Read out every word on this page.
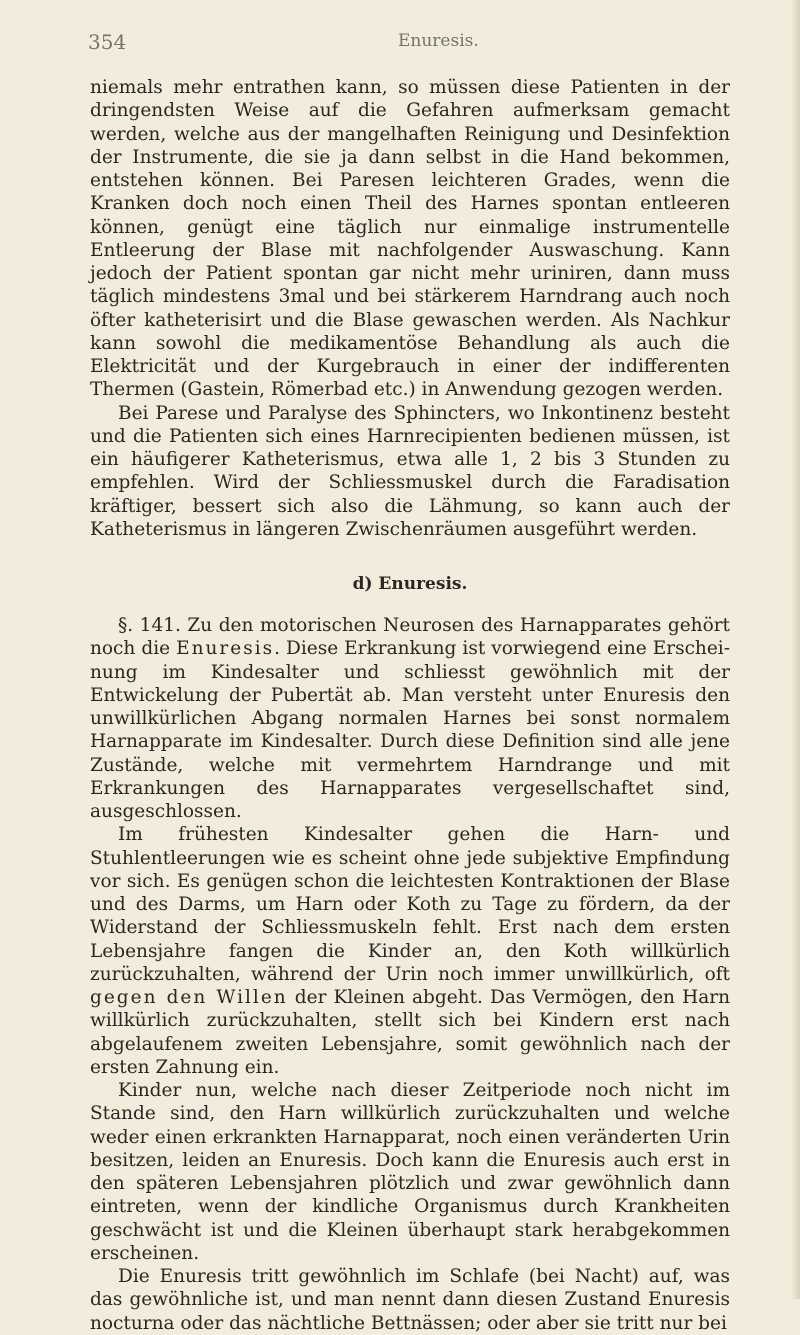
354	Enuresis.

niemals mehr entrathen kann, so müssen diese Patienten in der dringendsten Weise auf die Gefahren aufmerksam gemacht werden, welche aus der mangelhaften Reinigung und Desinfektion der Instrumente, die sie ja dann selbst in die Hand bekommen, entstehen können. Bei Paresen leichteren Grades, wenn die Kranken doch noch einen Theil des Harnes spontan entleeren können, genügt eine täglich nur einmalige instrumentelle Entleerung der Blase mit nachfolgender Auswaschung. Kann jedoch der Patient spontan gar nicht mehr uriniren, dann muss täglich mindestens 3mal und bei stärkerem Harndrang auch noch öfter katheterisirt und die Blase gewaschen werden. Als Nachkur kann sowohl die medikamentöse Behandlung als auch die Elektricität und der Kurgebrauch in einer der indifferenten Thermen (Gastein, Römerbad etc.) in Anwendung gezogen werden.

Bei Parese und Paralyse des Sphincters, wo Inkontinenz besteht und die Patienten sich eines Harnrecipienten bedienen müssen, ist ein häufigerer Katheterismus, etwa alle 1, 2 bis 3 Stunden zu empfehlen. Wird der Schliessmuskel durch die Faradisation kräftiger, bessert sich also die Lähmung, so kann auch der Katheterismus in längeren Zwischenräumen ausgeführt werden.

d) Enuresis.

§. 141. Zu den motorischen Neurosen des Harnapparates gehört noch die Enuresis. Diese Erkrankung ist vorwiegend eine Erscheinung im Kindesalter und schliesst gewöhnlich mit der Entwickelung der Pubertät ab. Man versteht unter Enuresis den unwillkürlichen Abgang normalen Harnes bei sonst normalem Harnapparate im Kindesalter. Durch diese Definition sind alle jene Zustände, welche mit vermehrtem Harndrange und mit Erkrankungen des Harnapparates vergesellschaftet sind, ausgeschlossen.

Im frühesten Kindesalter gehen die Harn- und Stuhlentleerungen wie es scheint ohne jede subjektive Empfindung vor sich. Es genügen schon die leichtesten Kontraktionen der Blase und des Darms, um Harn oder Koth zu Tage zu fördern, da der Widerstand der Schliessmuskeln fehlt. Erst nach dem ersten Lebensjahre fangen die Kinder an, den Koth willkürlich zurückzuhalten, während der Urin noch immer unwillkürlich, oft gegen den Willen der Kleinen abgeht. Das Vermögen, den Harn willkürlich zurückzuhalten, stellt sich bei Kindern erst nach abgelaufenem zweiten Lebensjahre, somit gewöhnlich nach der ersten Zahnung ein.

Kinder nun, welche nach dieser Zeitperiode noch nicht im Stande sind, den Harn willkürlich zurückzuhalten und welche weder einen erkrankten Harnapparat, noch einen veränderten Urin besitzen, leiden an Enuresis. Doch kann die Enuresis auch erst in den späteren Lebensjahren plötzlich und zwar gewöhnlich dann eintreten, wenn der kindliche Organismus durch Krankheiten geschwächt ist und die Kleinen überhaupt stark herabgekommen erscheinen.

Die Enuresis tritt gewöhnlich im Schlafe (bei Nacht) auf, was das gewöhnliche ist, und man nennt dann diesen Zustand Enuresis nocturna oder das nächtliche Bettnässen; oder aber sie tritt nur bei
